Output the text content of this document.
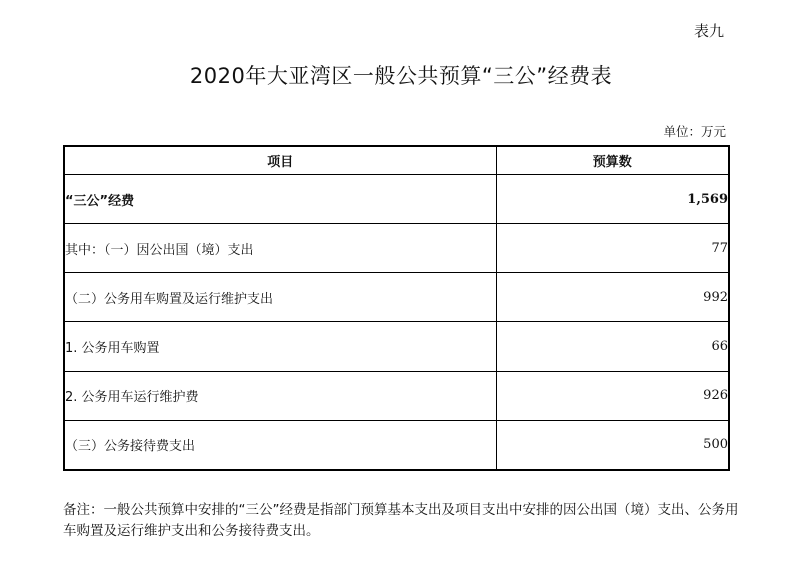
表九
2020年大亚湾区一般公共预算“三公”经费表
单位：万元
项目	预算数
“三公”经费	1,569
其中：（一）因公出国（境）支出	77
（二）公务用车购置及运行维护支出	992
1. 公务用车购置	66
2. 公务用车运行维护费	926
（三）公务接待费支出	500
备注：一般公共预算中安排的“三公”经费是指部门预算基本支出及项目支出中安排的因公出国（境）支出、公务用车购置及运行维护支出和公务接待费支出。
